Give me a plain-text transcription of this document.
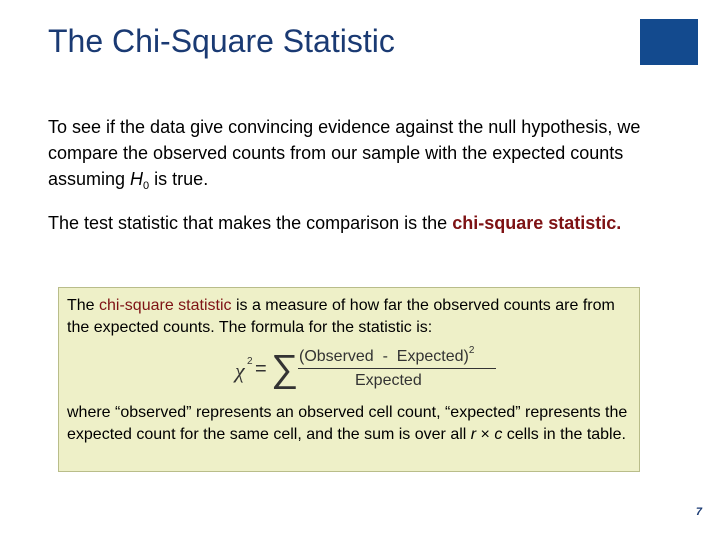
The Chi-Square Statistic

To see if the data give convincing evidence against the null hypothesis, we compare the observed counts from our sample with the expected counts assuming $H_0$ is true.

The test statistic that makes the comparison is the chi-square statistic.

The chi-square statistic is a measure of how far the observed counts are from the expected counts. The formula for the statistic is:

χ 2 = ∑ (Observed  -  Expected)$^2$
Expected

where “observed” represents an observed cell count, “expected” represents the expected count for the same cell, and the sum is over all r × c cells in the table.

7
